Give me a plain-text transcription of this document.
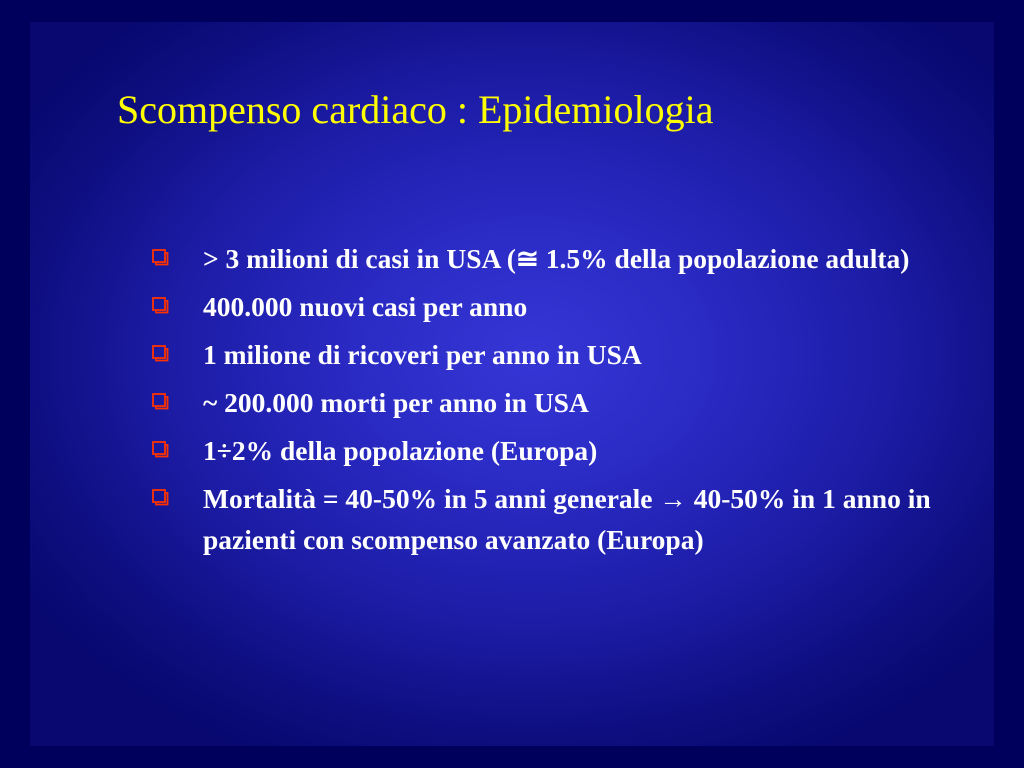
Scompenso cardiaco : Epidemiologia
> 3 milioni di casi in USA (≅ 1.5% della popolazione adulta)
400.000 nuovi casi per anno
1 milione di ricoveri per anno in USA
~ 200.000 morti per anno in USA
1÷2% della popolazione (Europa)
Mortalità = 40-50% in 5 anni generale → 40-50% in 1 anno in pazienti con scompenso avanzato (Europa)
